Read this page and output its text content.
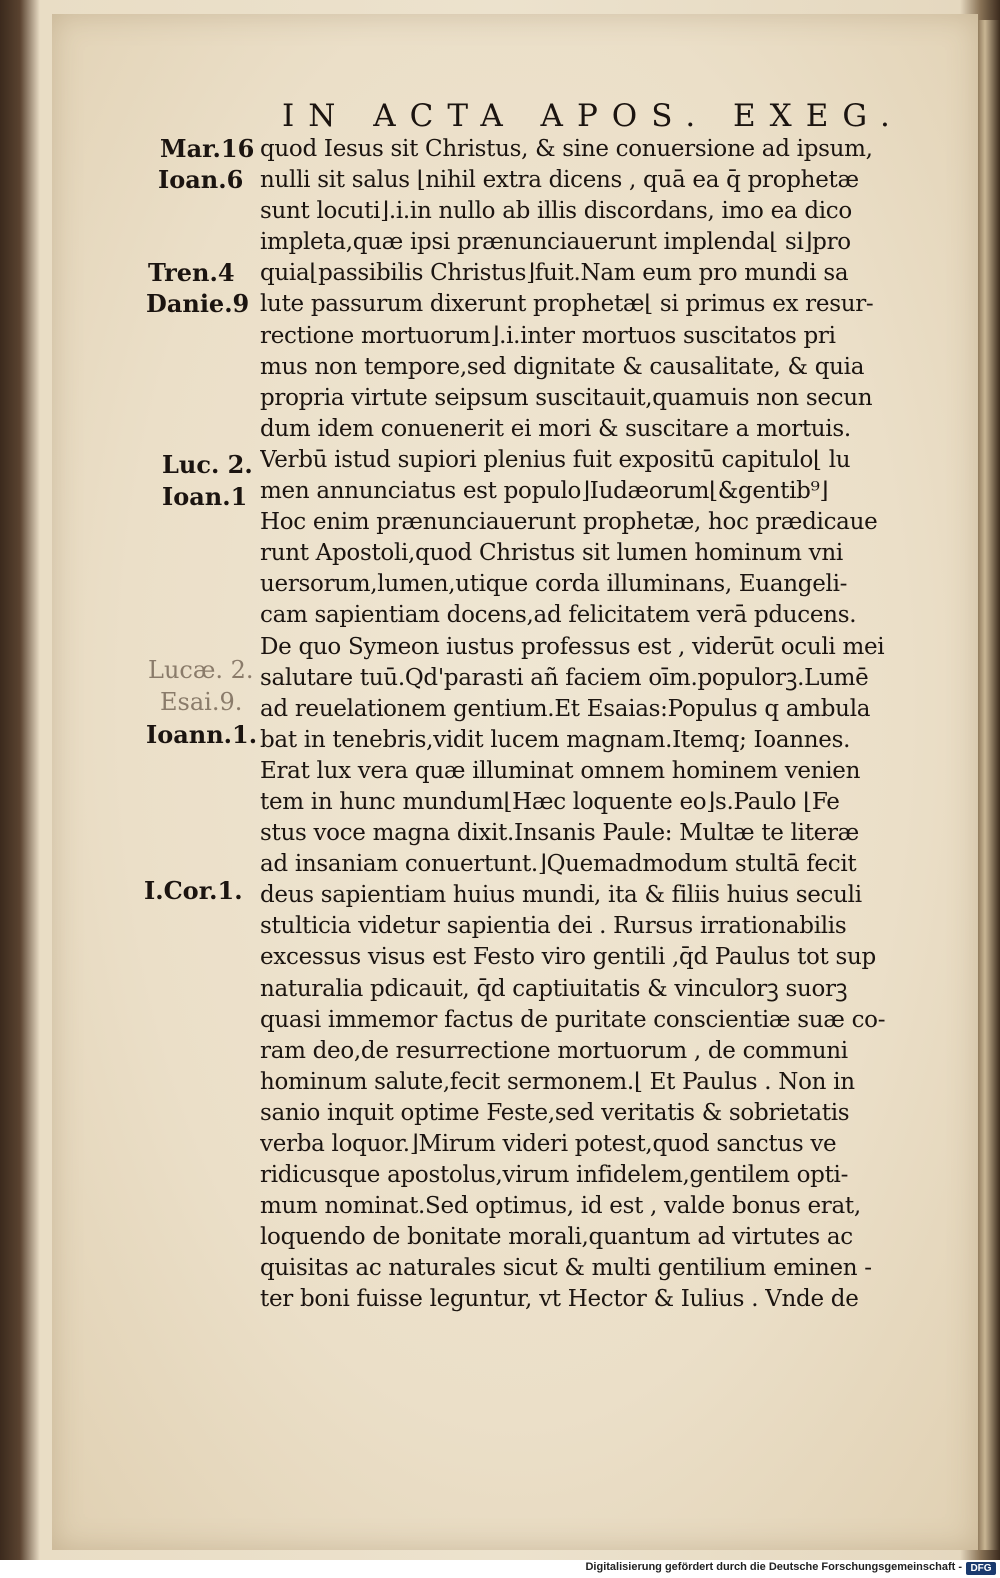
IN ACTA APOS. EXEG.
Mar.16
Ioan.6
Tren.4
Danie.9
Luc. 2.
Ioan.1
Lucæ. 2.
Esai.9.
Ioann.1.
I.Cor.1.
quod Iesus sit Christus, & sine conuersione ad ipsum,
nulli sit salus ⌊nihil extra dicens , quā ea q̄ prophetæ
sunt locuti⌋.i.in nullo ab illis discordans, imo ea dico
impleta,quæ ipsi prænunciauerunt implenda⌊ si⌋pro
quia⌊passibilis Christus⌋fuit.Nam eum pro mundi sa
lute passurum dixerunt prophetæ⌊ si primus ex resur-
rectione mortuorum⌋.i.inter mortuos suscitatos pri
mus non tempore,sed dignitate & causalitate, & quia
propria virtute seipsum suscitauit,quamuis non secun
dum idem conuenerit ei mori & suscitare a mortuis.
Verbū istud supiori plenius fuit expositū capitulo⌊ lu
men annunciatus est populo⌋Iudæorum⌊&gentib⁹⌋
Hoc enim prænunciauerunt prophetæ, hoc prædicaue
runt Apostoli,quod Christus sit lumen hominum vni
uersorum,lumen,utique corda illuminans, Euangeli-
cam sapientiam docens,ad felicitatem verā pducens.
De quo Symeon iustus professus est , viderūt oculi mei
salutare tuū.Qd'parasti añ faciem oīm.populorꝫ.Lumē
ad reuelationem gentium.Et Esaias:Populus q ambula
bat in tenebris,vidit lucem magnam.Itemq; Ioannes.
Erat lux vera quæ illuminat omnem hominem venien
tem in hunc mundum⌊Hæc loquente eo⌋s.Paulo ⌊Fe
stus voce magna dixit.Insanis Paule: Multæ te literæ
ad insaniam conuertunt.⌋Quemadmodum stultā fecit
deus sapientiam huius mundi, ita & filiis huius seculi
stulticia videtur sapientia dei . Rursus irrationabilis
excessus visus est Festo viro gentili ,q̄d Paulus tot sup
naturalia pdicauit, q̄d captiuitatis & vinculorꝫ suorꝫ
quasi immemor factus de puritate conscientiæ suæ co-
ram deo,de resurrectione mortuorum , de communi
hominum salute,fecit sermonem.⌊ Et Paulus . Non in
sanio inquit optime Feste,sed veritatis & sobrietatis
verba loquor.⌋Mirum videri potest,quod sanctus ve
ridicusque apostolus,virum infidelem,gentilem opti-
mum nominat.Sed optimus, id est , valde bonus erat,
loquendo de bonitate morali,quantum ad virtutes ac
quisitas ac naturales sicut & multi gentilium eminen -
ter boni fuisse leguntur, vt Hector & Iulius . Vnde de
Digitalisierung gefördert durch die Deutsche Forschungsgemeinschaft - DFG
